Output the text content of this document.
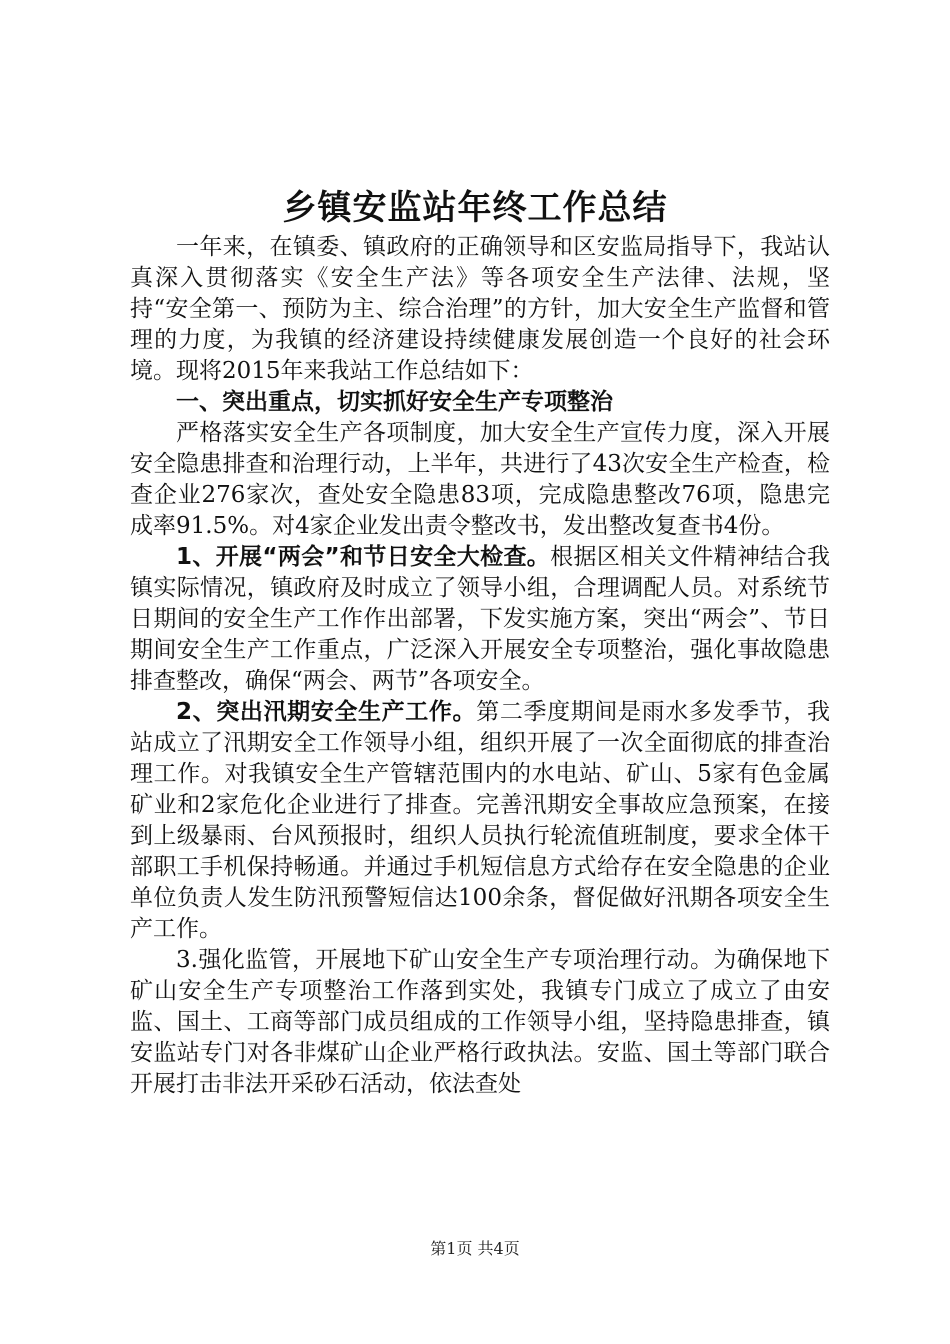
乡镇安监站年终工作总结

一年来，在镇委、镇政府的正确领导和区安监局指导下，我站认真深入贯彻落实《安全生产法》等各项安全生产法律、法规，坚持“安全第一、预防为主、综合治理”的方针，加大安全生产监督和管理的力度，为我镇的经济建设持续健康发展创造一个良好的社会环境。现将2015年来我站工作总结如下：

一、突出重点，切实抓好安全生产专项整治

严格落实安全生产各项制度，加大安全生产宣传力度，深入开展安全隐患排查和治理行动，上半年，共进行了43次安全生产检查，检查企业276家次，查处安全隐患83项，完成隐患整改76项，隐患完成率91.5%。对4家企业发出责令整改书，发出整改复查书4份。

1、开展“两会”和节日安全大检查。根据区相关文件精神结合我镇实际情况，镇政府及时成立了领导小组，合理调配人员。对系统节日期间的安全生产工作作出部署，下发实施方案，突出“两会”、节日期间安全生产工作重点，广泛深入开展安全专项整治，强化事故隐患排查整改，确保“两会、两节”各项安全。

2、突出汛期安全生产工作。第二季度期间是雨水多发季节，我站成立了汛期安全工作领导小组，组织开展了一次全面彻底的排查治理工作。对我镇安全生产管辖范围内的水电站、矿山、5家有色金属矿业和2家危化企业进行了排查。完善汛期安全事故应急预案，在接到上级暴雨、台风预报时，组织人员执行轮流值班制度，要求全体干部职工手机保持畅通。并通过手机短信息方式给存在安全隐患的企业单位负责人发生防汛预警短信达100余条，督促做好汛期各项安全生产工作。

3.强化监管，开展地下矿山安全生产专项治理行动。为确保地下矿山安全生产专项整治工作落到实处，我镇专门成立了成立了由安监、国土、工商等部门成员组成的工作领导小组，坚持隐患排查，镇安监站专门对各非煤矿山企业严格行政执法。安监、国土等部门联合开展打击非法开采砂石活动，依法查处

第1页 共4页
